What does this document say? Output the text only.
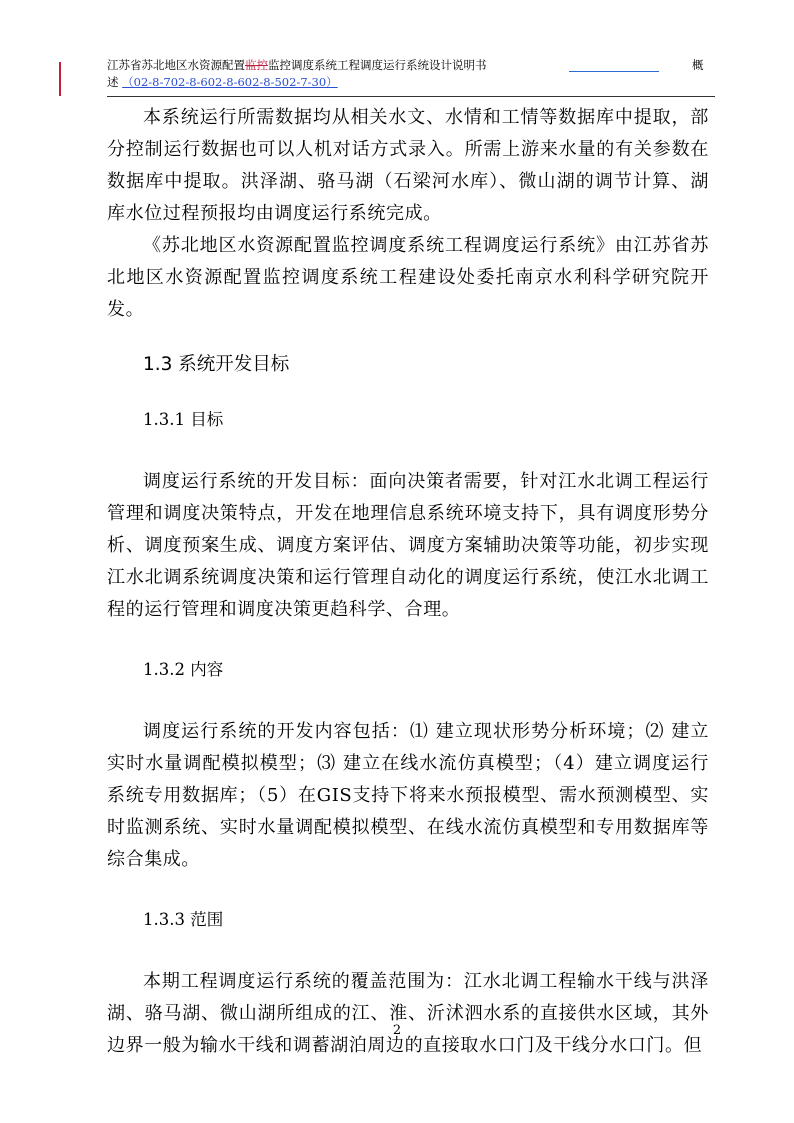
江苏省苏北地区水资源配置监控监控调度系统工程调度运行系统设计说明书	概
述 （02-8-702-8-602-8-602-8-502-7-30）

本系统运行所需数据均从相关水文、水情和工情等数据库中提取，部分控制运行数据也可以人机对话方式录入。所需上游来水量的有关参数在数据库中提取。洪泽湖、骆马湖（石梁河水库）、微山湖的调节计算、湖库水位过程预报均由调度运行系统完成。

《苏北地区水资源配置监控调度系统工程调度运行系统》由江苏省苏北地区水资源配置监控调度系统工程建设处委托南京水利科学研究院开发。

1.3 系统开发目标
1.3.1 目标

调度运行系统的开发目标：面向决策者需要，针对江水北调工程运行管理和调度决策特点，开发在地理信息系统环境支持下，具有调度形势分析、调度预案生成、调度方案评估、调度方案辅助决策等功能，初步实现江水北调系统调度决策和运行管理自动化的调度运行系统，使江水北调工程的运行管理和调度决策更趋科学、合理。

1.3.2 内容

调度运行系统的开发内容包括：⑴ 建立现状形势分析环境；⑵ 建立实时水量调配模拟模型；⑶ 建立在线水流仿真模型；（4）建立调度运行系统专用数据库；（5）在GIS支持下将来水预报模型、需水预测模型、实时监测系统、实时水量调配模拟模型、在线水流仿真模型和专用数据库等综合集成。

1.3.3 范围

本期工程调度运行系统的覆盖范围为：江水北调工程输水干线与洪泽湖、骆马湖、微山湖所组成的江、淮、沂沭泗水系的直接供水区域，其外边界一般为输水干线和调蓄湖泊周边的直接取水口门及干线分水口门。但

2
